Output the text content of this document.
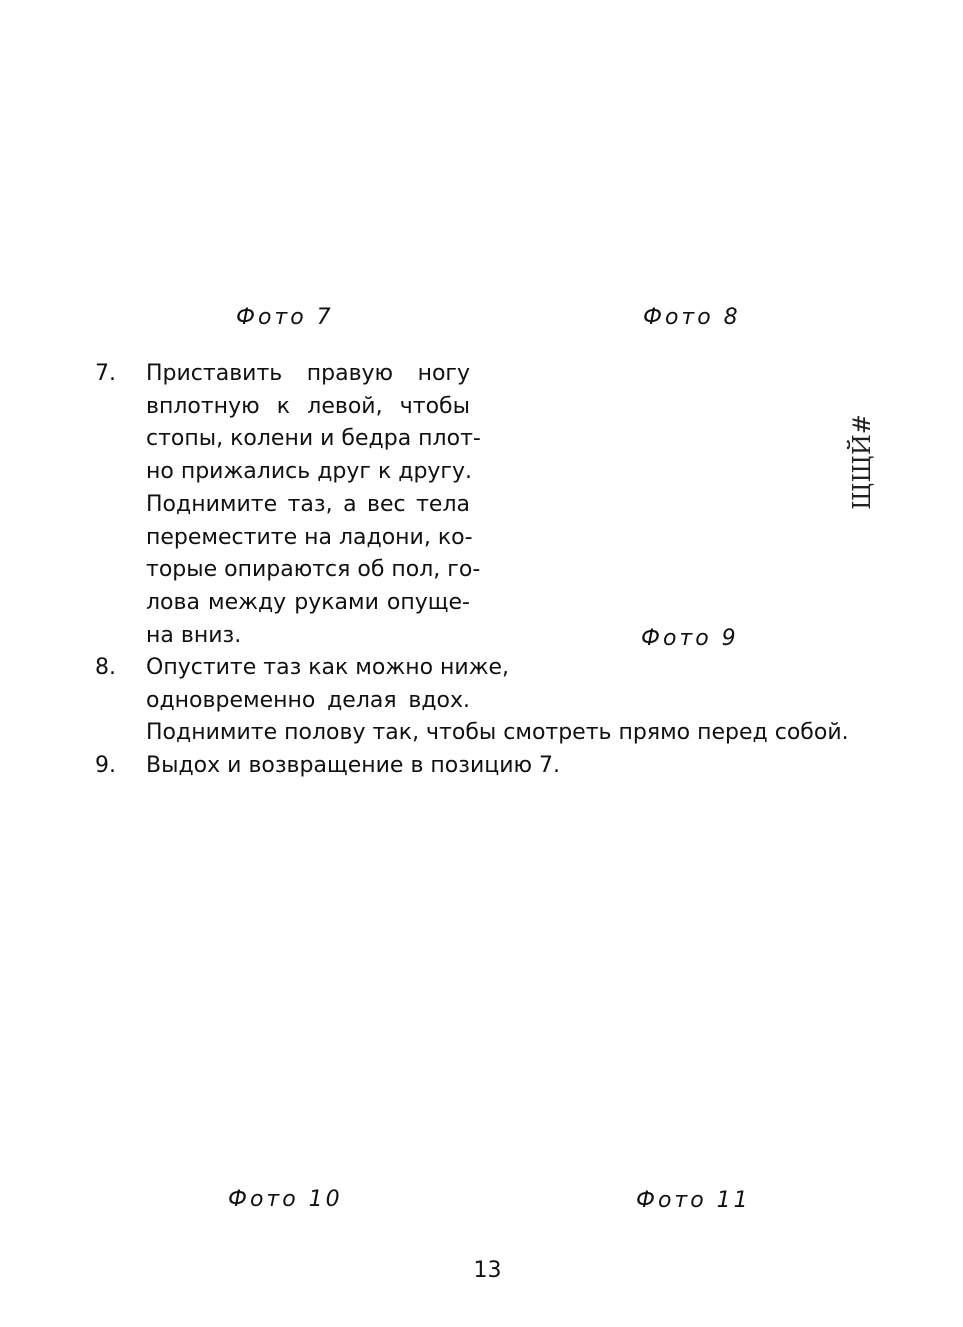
Фото 7	Фото 8
Фото 9
Фото 10	Фото 11
7. Приставить правую ногу
вплотную к левой, чтобы
стопы, колени и бедра плот-
но прижались друг к другу.
Поднимите таз, а вес тела
переместите на ладони, ко-
торые опираются об пол, го-
лова между руками опуще-
на вниз.
8. Опустите таз как можно ниже,
одновременно делая вдох.
Поднимите полову так, чтобы смотреть прямо перед собой.
9. Выдох и возвращение в позицию 7.
ЩЩЙ#
13
